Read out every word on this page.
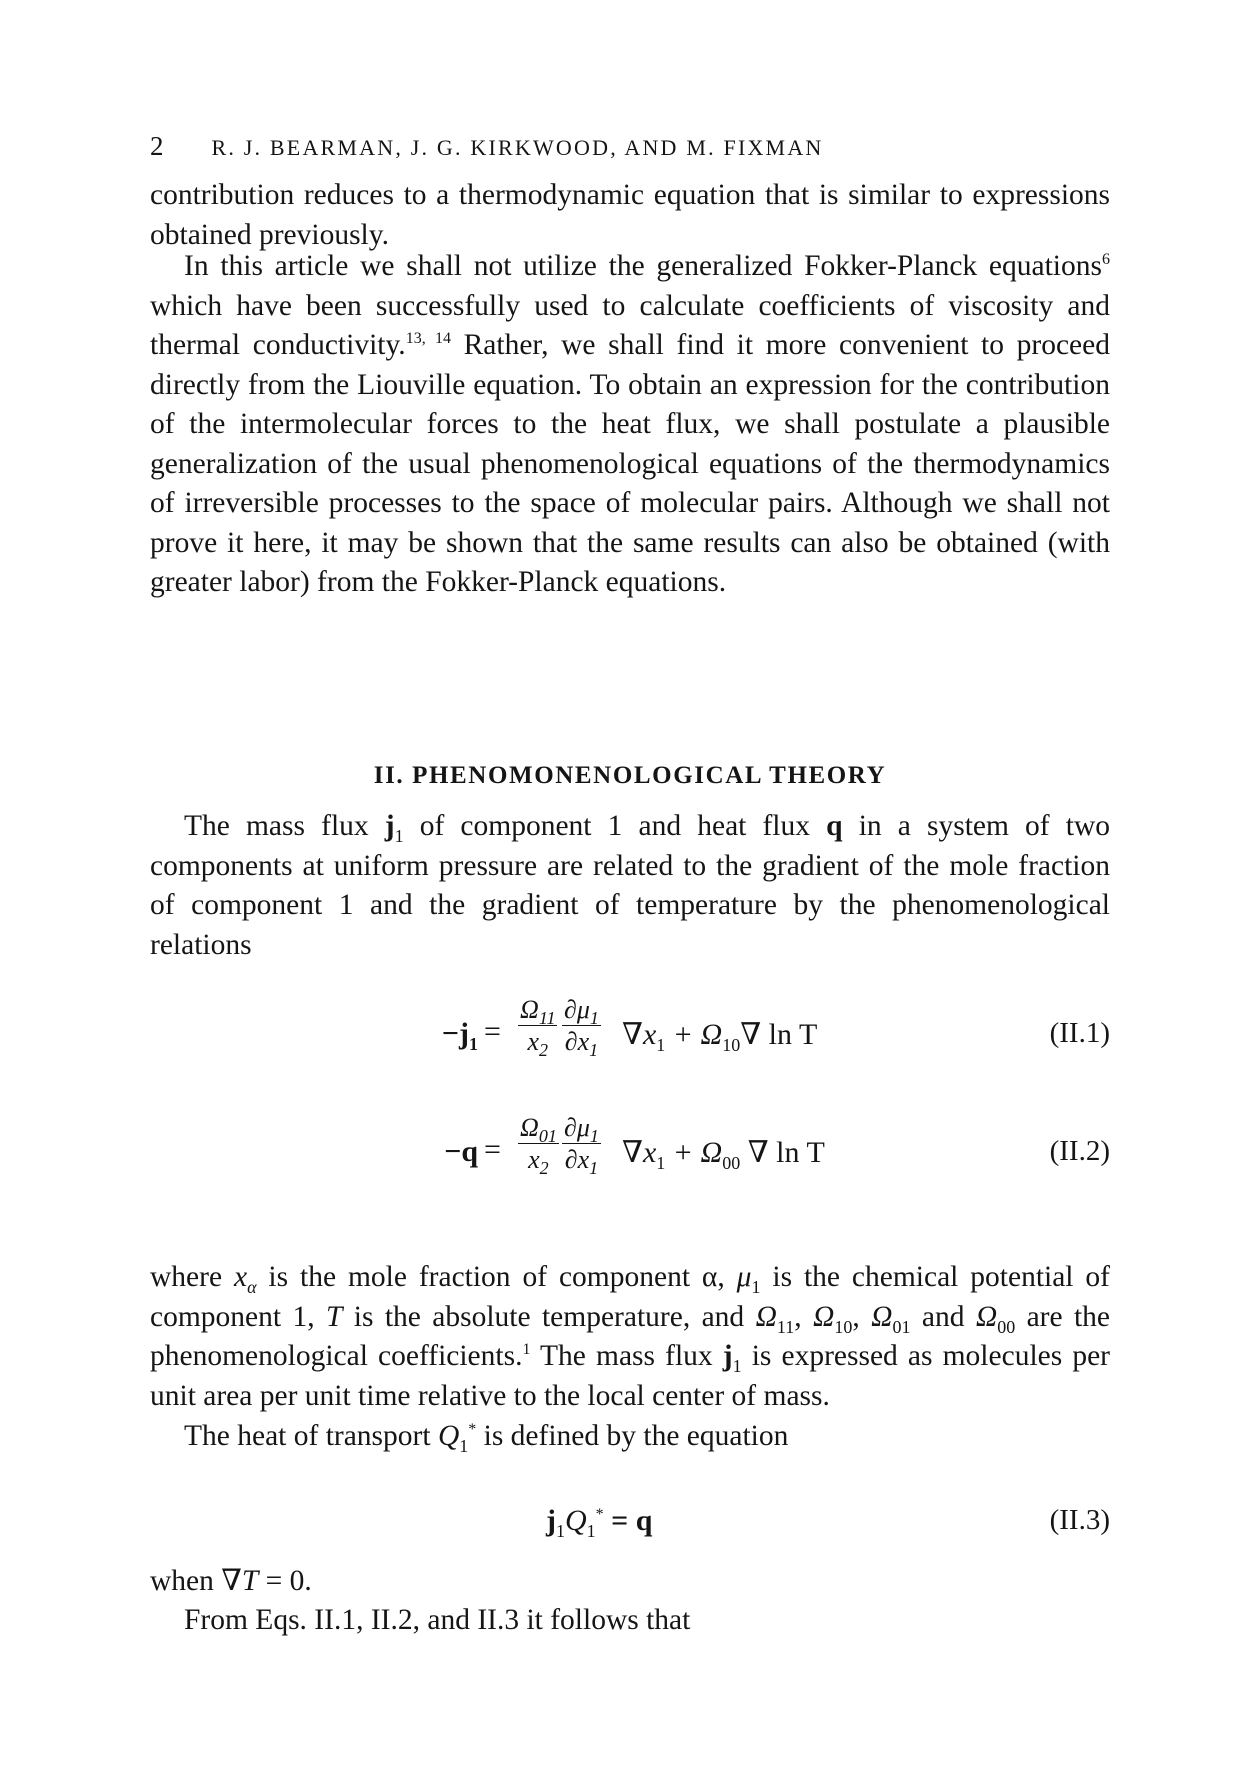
2 R. J. BEARMAN, J. G. KIRKWOOD, AND M. FIXMAN

contribution reduces to a thermodynamic equation that is similar to expressions obtained previously.

In this article we shall not utilize the generalized Fokker-Planck equations$^6$ which have been successfully used to calculate coefficients of viscosity and thermal conductivity.$^{13, 14}$ Rather, we shall find it more convenient to proceed directly from the Liouville equation. To obtain an expression for the contribution of the intermolecular forces to the heat flux, we shall postulate a plausible generalization of the usual phenomenological equations of the thermodynamics of irreversible processes to the space of molecular pairs. Although we shall not prove it here, it may be shown that the same results can also be obtained (with greater labor) from the Fokker-Planck equations.

II. PHENOMONENOLOGICAL THEORY

The mass flux $j_1$ of component 1 and heat flux q in a system of two components at uniform pressure are related to the gradient of the mole fraction of component 1 and the gradient of temperature by the phenomenological relations

$-j_1$ =
$\Omega_{11}$
$x_2$
$\partial\mu_1$
$\partial x_1$ $\nabla x_1 + \Omega_{10}\nabla$ ln T	(II.1)
−q =
$\Omega_{01}$
$x_2$
$\partial\mu_1$
$\partial x_1$ $\nabla x_1 + \Omega_{00}$ ∇ ln T	(II.2)

where $x_\alpha$ is the mole fraction of component α, $\mu_1$ is the chemical potential of component 1, T is the absolute temperature, and $\Omega_{11}$, $\Omega_{10}$, $\Omega_{01}$ and $\Omega_{00}$ are the phenomenological coefficients.$^1$ The mass flux $j_1$ is expressed as molecules per unit area per unit time relative to the local center of mass.

The heat of transport $Q_1^*$ is defined by the equation

$j_1Q_1^* = q$	(II.3)

when ∇T = 0.

From Eqs. II.1, II.2, and II.3 it follows that
